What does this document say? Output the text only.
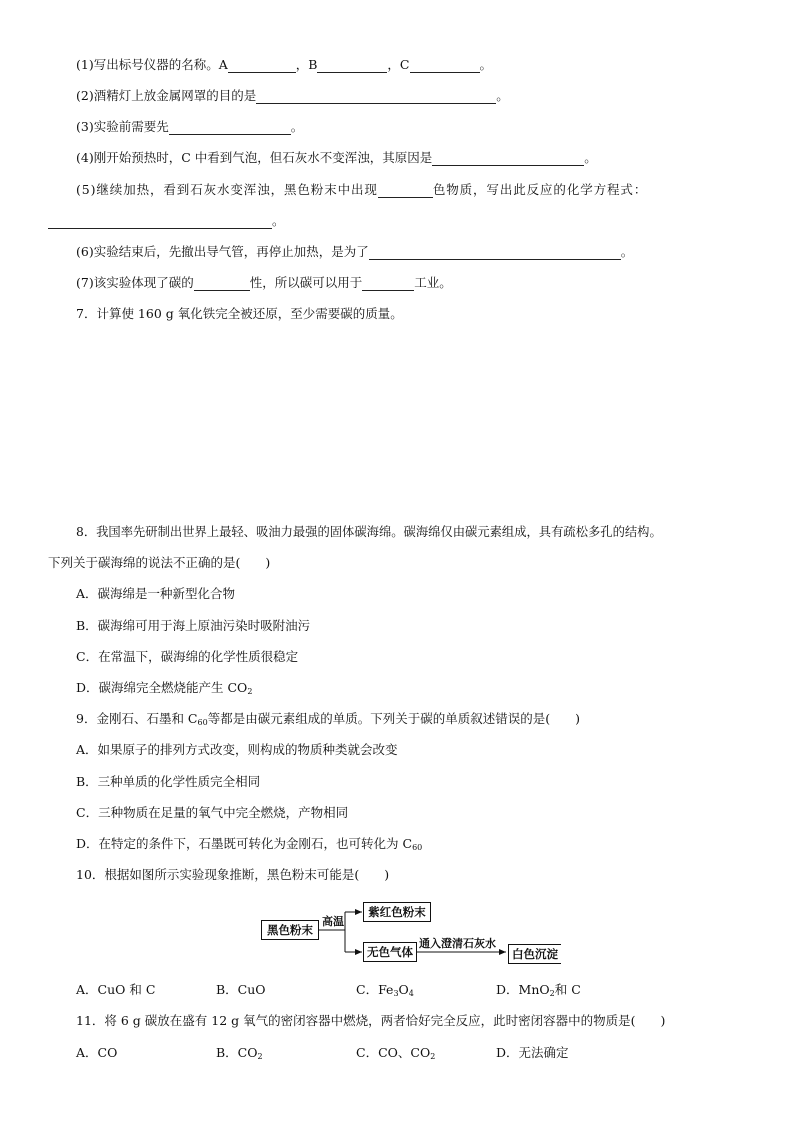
(1)写出标号仪器的名称。A	，B	，C	。
(2)酒精灯上放金属网罩的目的是	。
(3)实验前需要先	。
(4)刚开始预热时，C 中看到气泡，但石灰水不变浑浊，其原因是	。
(5)继续加热，看到石灰水变浑浊，黑色粉末中出现	色物质，写出此反应的化学方程式：
。
(6)实验结束后，先撤出导气管，再停止加热，是为了	。
(7)该实验体现了碳的	性，所以碳可以用于	工业。
7．计算使 160 g 氧化铁完全被还原，至少需要碳的质量。
8．我国率先研制出世界上最轻、吸油力最强的固体碳海绵。碳海绵仅由碳元素组成，具有疏松多孔的结构。
下列关于碳海绵的说法不正确的是(　　)
A．碳海绵是一种新型化合物
B．碳海绵可用于海上原油污染时吸附油污
C．在常温下，碳海绵的化学性质很稳定
D．碳海绵完全燃烧能产生 $CO_2$
9．金刚石、石墨和 $C_{60}$等都是由碳元素组成的单质。下列关于碳的单质叙述错误的是(　　)
A．如果原子的排列方式改变，则构成的物质种类就会改变
B．三种单质的化学性质完全相同
C．三种物质在足量的氧气中完全燃烧，产物相同
D．在特定的条件下，石墨既可转化为金刚石，也可转化为 $C_{60}$
10．根据如图所示实验现象推断，黑色粉末可能是(　　)
黑色粉末
高温
紫红色粉末
无色气体
通入澄清石灰水
白色沉淀
A．CuO 和 C	B．CuO	C．$Fe_3O_4$	D．MnO$_2$和 C
11．将 6 g 碳放在盛有 12 g 氧气的密闭容器中燃烧，两者恰好完全反应，此时密闭容器中的物质是(　　)
A．CO	B．$CO_2$	C．CO、$CO_2$	D．无法确定
